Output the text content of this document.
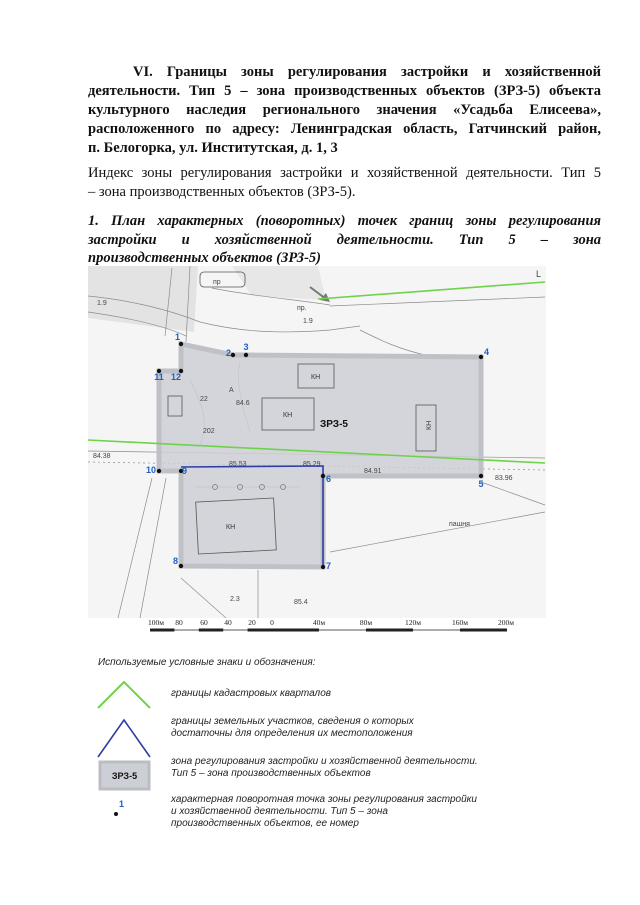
VI. Границы зоны регулирования застройки и хозяйственной
деятельности. Тип 5 – зона производственных объектов (ЗРЗ-5) объекта
культурного наследия регионального значения «Усадьба Елисеева»,
расположенного по адресу: Ленинградская область, Гатчинский район,
п. Белогорка, ул. Институтская, д. 1, 3
Индекс зоны регулирования застройки и хозяйственной деятельности. Тип 5
– зона производственных объектов (ЗРЗ-5).
1. План характерных (поворотных) точек границ зоны регулирования
застройки и хозяйственной деятельности. Тип 5 – зона
производственных объектов (ЗРЗ-5)
1.9
пр
пр.
1.9
L
А
22
84.6
202
84.38
85.53	85.29
84.91
83.96
пашня
2.3	85.4
КН
КН
КН
КН
ЗРЗ-5
1
2
3	4
5
6
7
8
9
10
11 12
100м 80 60 40 20 0	40м	80м	120м	160м	200м
Используемые условные знаки и обозначения:
ЗРЗ-5
1
границы кадастровых кварталов
границы земельных участков, сведения о которых
достаточны для определения их местоположения
зона регулирования застройки и хозяйственной деятельности.
Тип 5 – зона производственных объектов
характерная поворотная точка зоны регулирования застройки
и хозяйственной деятельности. Тип 5 – зона
производственных объектов, ее номер
